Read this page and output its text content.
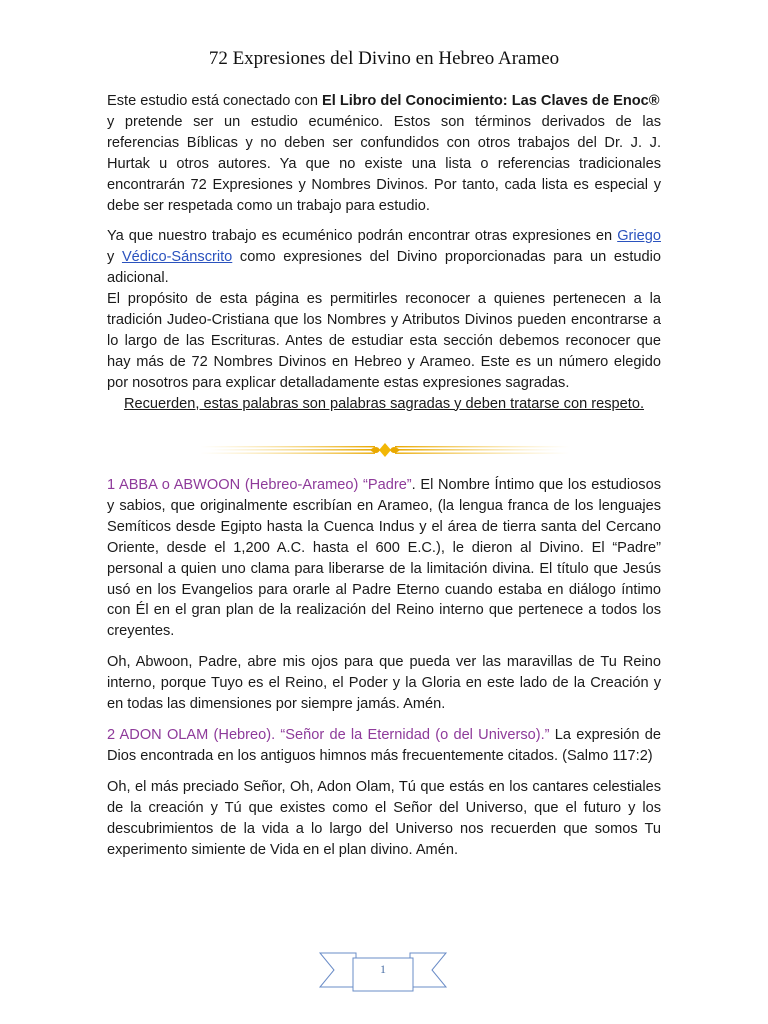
72 Expresiones del Divino en Hebreo Arameo

Este estudio está conectado con El Libro del Conocimiento: Las Claves de Enoc®

y pretende ser un estudio ecuménico. Estos son términos derivados de las referencias Bíblicas y no deben ser confundidos con otros trabajos del Dr. J. J. Hurtak u otros autores. Ya que no existe una lista o referencias tradicionales encontrarán 72 Expresiones y Nombres Divinos. Por tanto, cada lista es especial y debe ser respetada como un trabajo para estudio.

Ya que nuestro trabajo es ecuménico podrán encontrar otras expresiones en Griego y Védico-Sánscrito como expresiones del Divino proporcionadas para un estudio adicional.

El propósito de esta página es permitirles reconocer a quienes pertenecen a la tradición Judeo-Cristiana que los Nombres y Atributos Divinos pueden encontrarse a lo largo de las Escrituras. Antes de estudiar esta sección debemos reconocer que hay más de 72 Nombres Divinos en Hebreo y Arameo. Este es un número elegido por nosotros para explicar detalladamente estas expresiones sagradas.

Recuerden, estas palabras son palabras sagradas y deben tratarse con respeto.

1 ABBA o ABWOON (Hebreo-Arameo) “Padre”. El Nombre Íntimo que los estudiosos y sabios, que originalmente escribían en Arameo, (la lengua franca de los lenguajes Semíticos desde Egipto hasta la Cuenca Indus y el área de tierra santa del Cercano Oriente, desde el 1,200 A.C. hasta el 600 E.C.), le dieron al Divino. El “Padre” personal a quien uno clama para liberarse de la limitación divina. El título que Jesús usó en los Evangelios para orarle al Padre Eterno cuando estaba en diálogo íntimo con Él en el gran plan de la realización del Reino interno que pertenece a todos los creyentes.

Oh, Abwoon, Padre, abre mis ojos para que pueda ver las maravillas de Tu Reino interno, porque Tuyo es el Reino, el Poder y la Gloria en este lado de la Creación y en todas las dimensiones por siempre jamás. Amén.

2 ADON OLAM (Hebreo). “Señor de la Eternidad (o del Universo).” La expresión de Dios encontrada en los antiguos himnos más frecuentemente citados. (Salmo 117:2)

Oh, el más preciado Señor, Oh, Adon Olam, Tú que estás en los cantares celestiales de la creación y Tú que existes como el Señor del Universo, que el futuro y los descubrimientos de la vida a lo largo del Universo nos recuerden que somos Tu experimento simiente de Vida en el plan divino. Amén.

1
